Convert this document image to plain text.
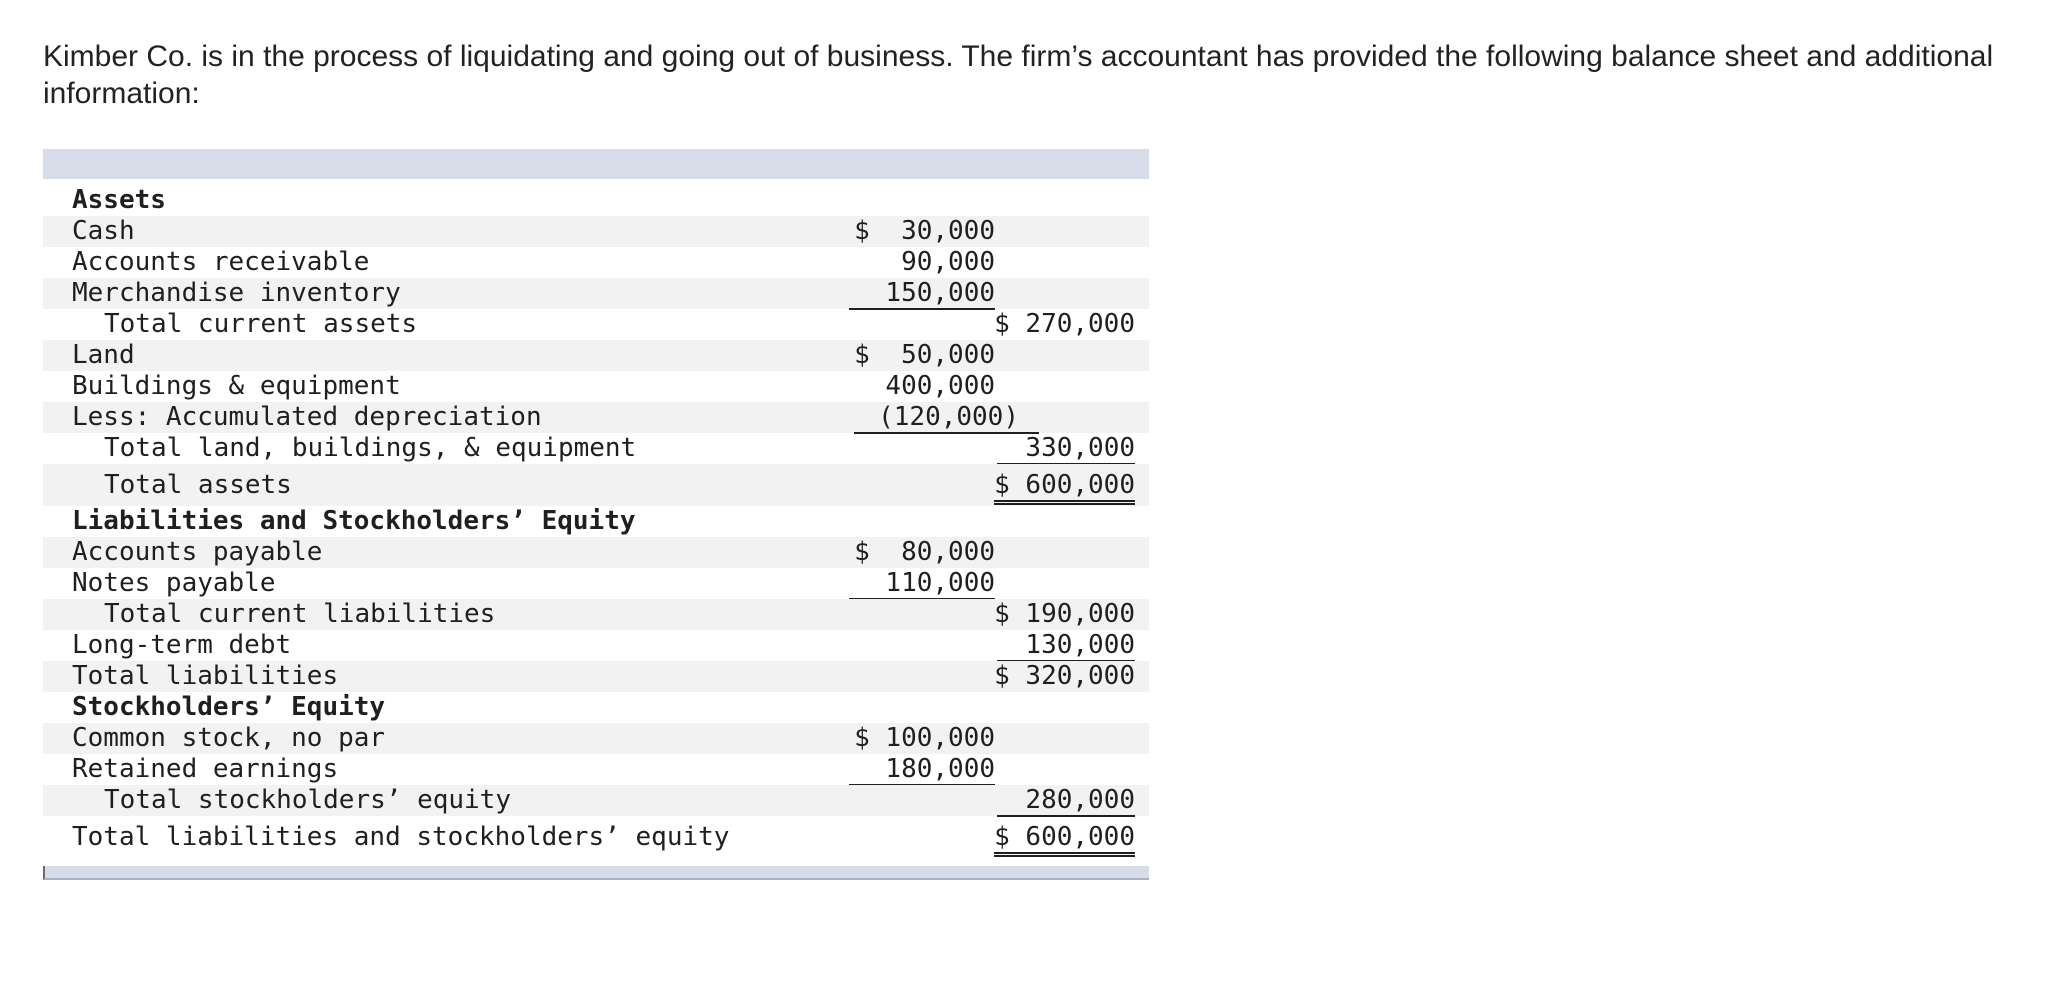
Kimber Co. is in the process of liquidating and going out of business. The firm’s accountant has provided the following balance sheet and additional information:

Assets

Cash

	$  30,000

Accounts receivable

	90,000

Merchandise inventory

	150,000

Total current assets

	$ 270,000

Land

	$  50,000

Buildings & equipment

	400,000

Less: Accumulated depreciation

	(120,000)

Total land, buildings, & equipment

	330,000

Total assets

	$ 600,000

Liabilities and Stockholders’ Equity

Accounts payable

	$  80,000

Notes payable

	110,000

Total current liabilities

	$ 190,000

Long-term debt

	130,000

Total liabilities

	$ 320,000

Stockholders’ Equity

Common stock, no par

	$ 100,000

Retained earnings

	180,000

Total stockholders’ equity

	280,000

Total liabilities and stockholders’ equity

	$ 600,000
